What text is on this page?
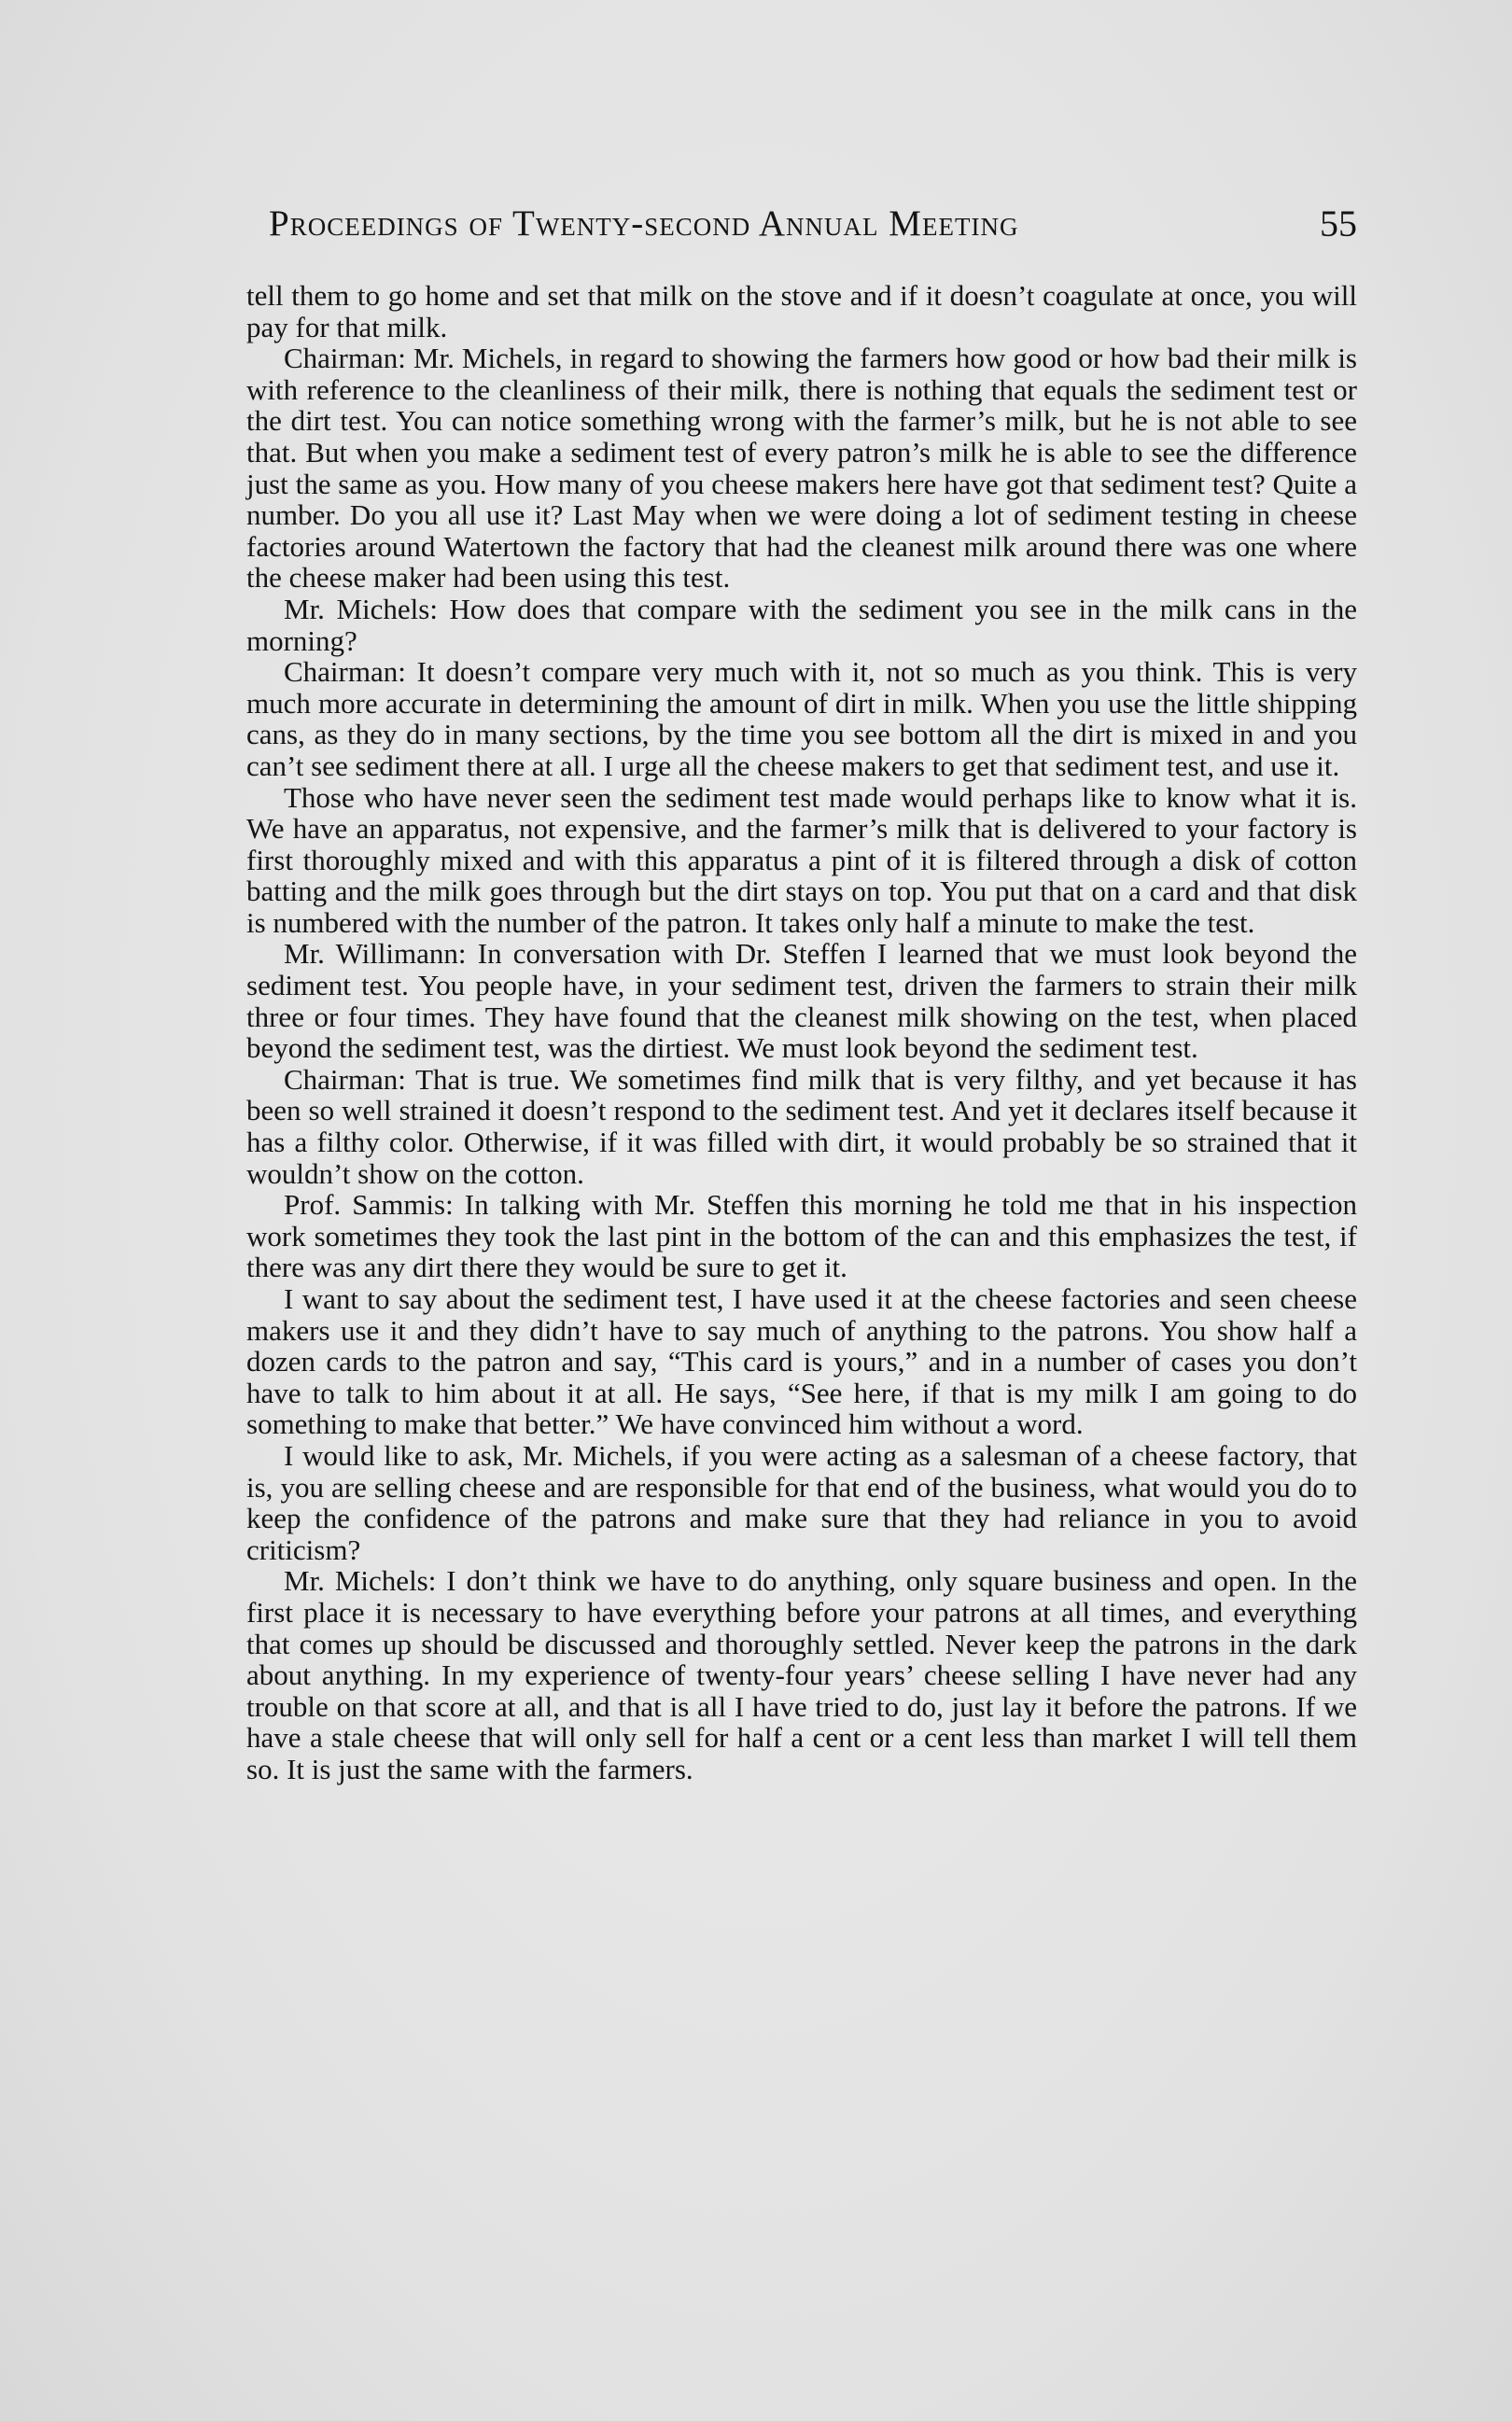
Proceedings of Twenty-second Annual Meeting	55

tell them to go home and set that milk on the stove and if it doesn’t coagulate at once, you will pay for that milk.

Chairman: Mr. Michels, in regard to showing the farmers how good or how bad their milk is with reference to the cleanliness of their milk, there is nothing that equals the sediment test or the dirt test. You can notice something wrong with the farmer’s milk, but he is not able to see that. But when you make a sediment test of every patron’s milk he is able to see the difference just the same as you. How many of you cheese makers here have got that sediment test? Quite a number. Do you all use it? Last May when we were doing a lot of sediment testing in cheese factories around Watertown the factory that had the cleanest milk around there was one where the cheese maker had been using this test.

Mr. Michels: How does that compare with the sediment you see in the milk cans in the morning?

Chairman: It doesn’t compare very much with it, not so much as you think. This is very much more accurate in determining the amount of dirt in milk. When you use the little shipping cans, as they do in many sections, by the time you see bottom all the dirt is mixed in and you can’t see sediment there at all. I urge all the cheese makers to get that sediment test, and use it.

Those who have never seen the sediment test made would perhaps like to know what it is. We have an apparatus, not expensive, and the farmer’s milk that is delivered to your factory is first thoroughly mixed and with this apparatus a pint of it is filtered through a disk of cotton batting and the milk goes through but the dirt stays on top. You put that on a card and that disk is numbered with the number of the patron. It takes only half a minute to make the test.

Mr. Willimann: In conversation with Dr. Steffen I learned that we must look beyond the sediment test. You people have, in your sediment test, driven the farmers to strain their milk three or four times. They have found that the cleanest milk showing on the test, when placed beyond the sediment test, was the dirtiest. We must look beyond the sediment test.

Chairman: That is true. We sometimes find milk that is very filthy, and yet because it has been so well strained it doesn’t respond to the sediment test. And yet it declares itself because it has a filthy color. Otherwise, if it was filled with dirt, it would probably be so strained that it wouldn’t show on the cotton.

Prof. Sammis: In talking with Mr. Steffen this morning he told me that in his inspection work sometimes they took the last pint in the bottom of the can and this emphasizes the test, if there was any dirt there they would be sure to get it.

I want to say about the sediment test, I have used it at the cheese factories and seen cheese makers use it and they didn’t have to say much of anything to the patrons. You show half a dozen cards to the patron and say, “This card is yours,” and in a number of cases you don’t have to talk to him about it at all. He says, “See here, if that is my milk I am going to do something to make that better.” We have convinced him without a word.

I would like to ask, Mr. Michels, if you were acting as a salesman of a cheese factory, that is, you are selling cheese and are responsible for that end of the business, what would you do to keep the confidence of the patrons and make sure that they had reliance in you to avoid criticism?

Mr. Michels: I don’t think we have to do anything, only square business and open. In the first place it is necessary to have everything before your patrons at all times, and everything that comes up should be discussed and thoroughly settled. Never keep the patrons in the dark about anything. In my experience of twenty-four years’ cheese selling I have never had any trouble on that score at all, and that is all I have tried to do, just lay it before the patrons. If we have a stale cheese that will only sell for half a cent or a cent less than market I will tell them so. It is just the same with the farmers.
